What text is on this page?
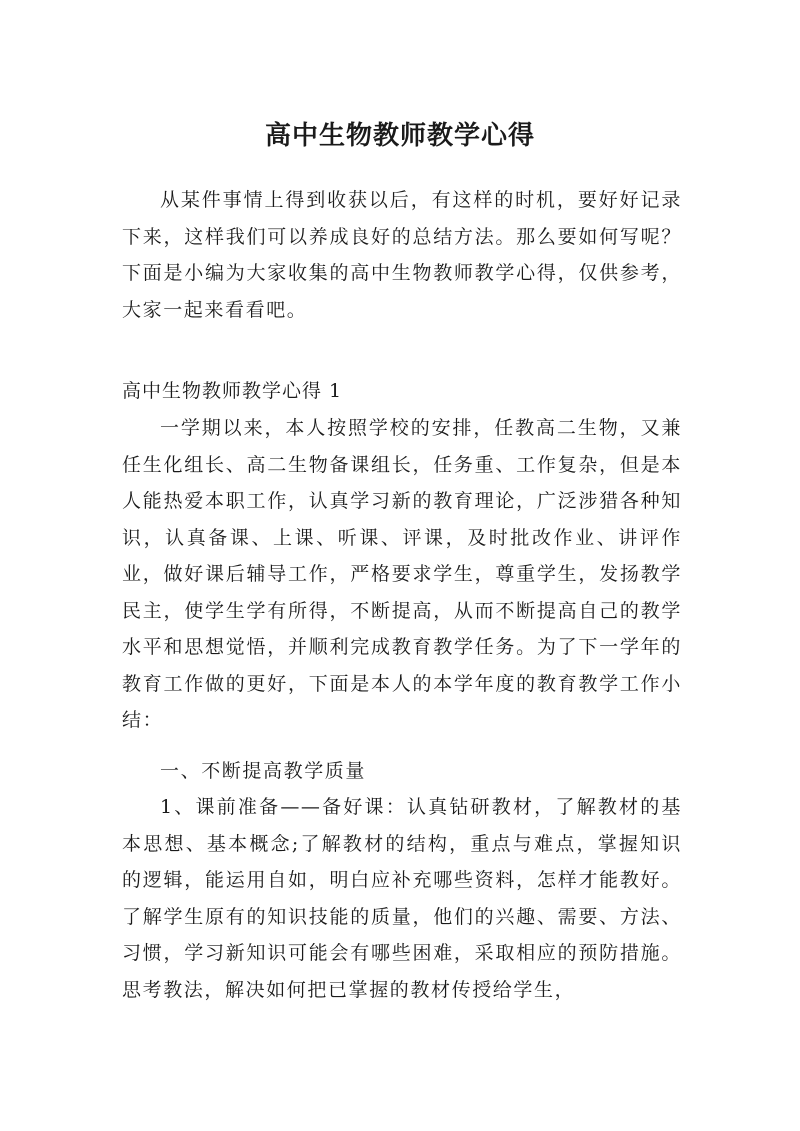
高中生物教师教学心得

从某件事情上得到收获以后，有这样的时机，要好好记录下来，这样我们可以养成良好的总结方法。那么要如何写呢？下面是小编为大家收集的高中生物教师教学心得，仅供参考，大家一起来看看吧。

高中生物教师教学心得 1

一学期以来，本人按照学校的安排，任教高二生物，又兼任生化组长、高二生物备课组长，任务重、工作复杂，但是本人能热爱本职工作，认真学习新的教育理论，广泛涉猎各种知识，认真备课、上课、听课、评课，及时批改作业、讲评作业，做好课后辅导工作，严格要求学生，尊重学生，发扬教学民主，使学生学有所得，不断提高，从而不断提高自己的教学水平和思想觉悟，并顺利完成教育教学任务。为了下一学年的教育工作做的更好，下面是本人的本学年度的教育教学工作小结：

一、不断提高教学质量

1、课前准备——备好课：认真钻研教材，了解教材的基本思想、基本概念;了解教材的结构，重点与难点，掌握知识的逻辑，能运用自如，明白应补充哪些资料，怎样才能教好。了解学生原有的知识技能的质量，他们的兴趣、需要、方法、习惯，学习新知识可能会有哪些困难，采取相应的预防措施。思考教法，解决如何把已掌握的教材传授给学生，
